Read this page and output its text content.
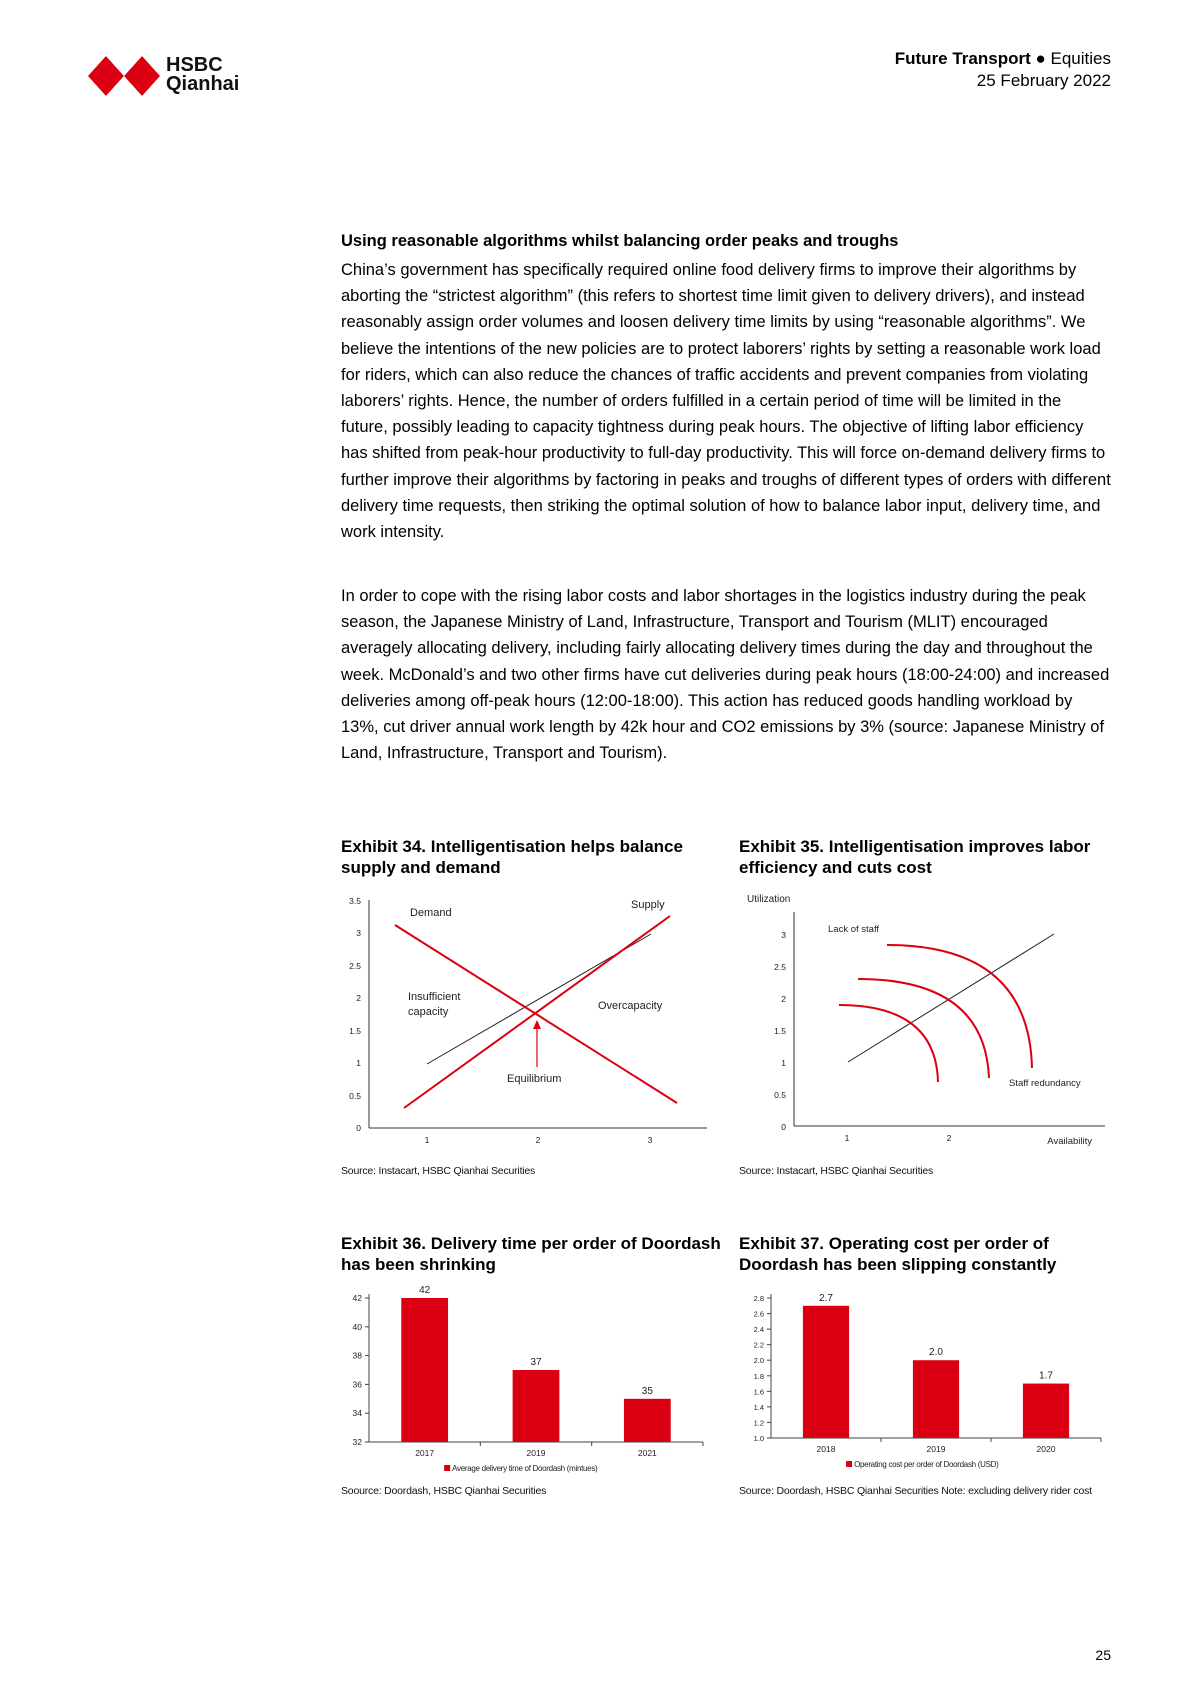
HSBC
Qianhai
Future Transport ● Equities
25 February 2022
Using reasonable algorithms whilst balancing order peaks and troughs

China’s government has specifically required online food delivery firms to improve their algorithms by aborting the “strictest algorithm” (this refers to shortest time limit given to delivery drivers), and instead reasonably assign order volumes and loosen delivery time limits by using “reasonable algorithms”. We believe the intentions of the new policies are to protect laborers’ rights by setting a reasonable work load for riders, which can also reduce the chances of traffic accidents and prevent companies from violating laborers’ rights. Hence, the number of orders fulfilled in a certain period of time will be limited in the future, possibly leading to capacity tightness during peak hours. The objective of lifting labor efficiency has shifted from peak-hour productivity to full-day productivity. This will force on-demand delivery firms to further improve their algorithms by factoring in peaks and troughs of different types of orders with different delivery time requests, then striking the optimal solution of how to balance labor input, delivery time, and work intensity.

In order to cope with the rising labor costs and labor shortages in the logistics industry during the peak season, the Japanese Ministry of Land, Infrastructure, Transport and Tourism (MLIT) encouraged averagely allocating delivery, including fairly allocating delivery times during the day and throughout the week. McDonald’s and two other firms have cut deliveries during peak hours (18:00-24:00) and increased deliveries among off-peak hours (12:00-18:00). This action has reduced goods handling workload by 13%, cut driver annual work length by 42k hour and CO2 emissions by 3% (source: Japanese Ministry of Land, Infrastructure, Transport and Tourism).

Exhibit 34. Intelligentisation helps balance supply and demand
0
0.5
1
1.5
2
2.5
3
3.5
1	2	3
Demand
Supply
Insufficient
capacity	Overcapacity
Equilibrium
Source: Instacart, HSBC Qianhai Securities
Exhibit 35. Intelligentisation improves labor efficiency and cuts cost
Utilization
0
0.5
1
1.5
2
2.5
3
1	2	Availability
Lack of staff
Staff redundancy
Source: Instacart, HSBC Qianhai Securities
Exhibit 36. Delivery time per order of Doordash has been shrinking
32
34
36
38
40
42
42
2017
37
2019
35
2021
Average delivery time of Doordash (mintues)
Soource: Doordash, HSBC Qianhai Securities
Exhibit 37. Operating cost per order of Doordash has been slipping constantly
1.0
1.2
1.4
1.6
1.8
2.0
2.2
2.4
2.6
2.8	2.7
2018
2.0
2019
1.7
2020
Operating cost per order of Doordash (USD)
Source: Doordash, HSBC Qianhai Securities Note: excluding delivery rider cost
25
